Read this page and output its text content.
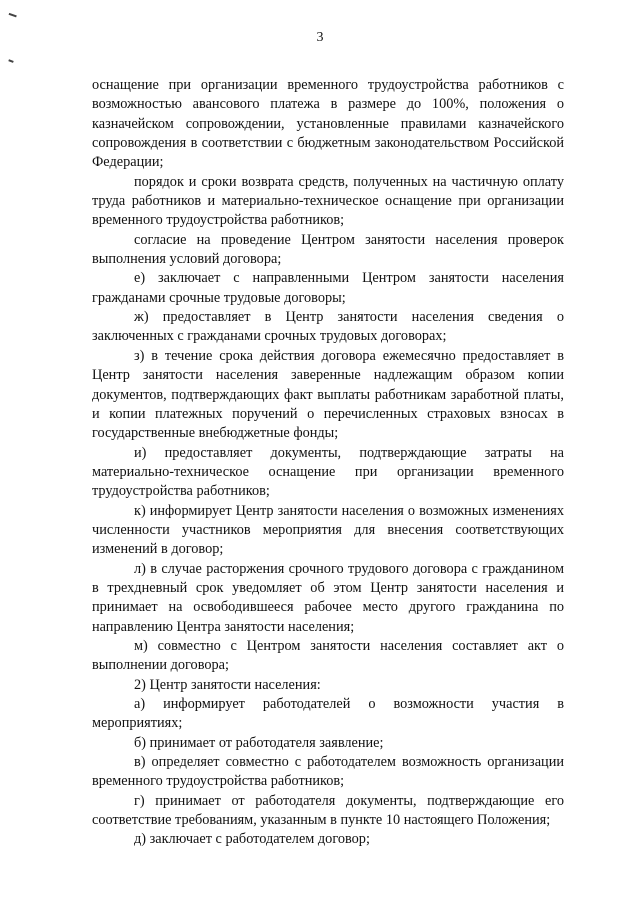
3

оснащение при организации временного трудоустройства работников с возможностью авансового платежа в размере до 100%, положения о казначейском сопровождении, установленные правилами казначейского сопровождения в соответствии с бюджетным законодательством Российской Федерации;

порядок и сроки возврата средств, полученных на частичную оплату труда работников и материально-техническое оснащение при организации временного трудоустройства работников;

согласие на проведение Центром занятости населения проверок выполнения условий договора;

е) заключает с направленными Центром занятости населения гражданами срочные трудовые договоры;

ж) предоставляет в Центр занятости населения сведения о заключенных с гражданами срочных трудовых договорах;

з) в течение срока действия договора ежемесячно предоставляет в Центр занятости населения заверенные надлежащим образом копии документов, подтверждающих факт выплаты работникам заработной платы, и копии платежных поручений о перечисленных страховых взносах в государственные внебюджетные фонды;

и) предоставляет документы, подтверждающие затраты на материально-техническое оснащение при организации временного трудоустройства работников;

к) информирует Центр занятости населения о возможных изменениях численности участников мероприятия для внесения соответствующих изменений в договор;

л) в случае расторжения срочного трудового договора с гражданином в трехдневный срок уведомляет об этом Центр занятости населения и принимает на освободившееся рабочее место другого гражданина по направлению Центра занятости населения;

м) совместно с Центром занятости населения составляет акт о выполнении договора;

2) Центр занятости населения:

а) информирует работодателей о возможности участия в мероприятиях;

б) принимает от работодателя заявление;

в) определяет совместно с работодателем возможность организации временного трудоустройства работников;

г) принимает от работодателя документы, подтверждающие его соответствие требованиям, указанным в пункте 10 настоящего Положения;

д) заключает с работодателем договор;
